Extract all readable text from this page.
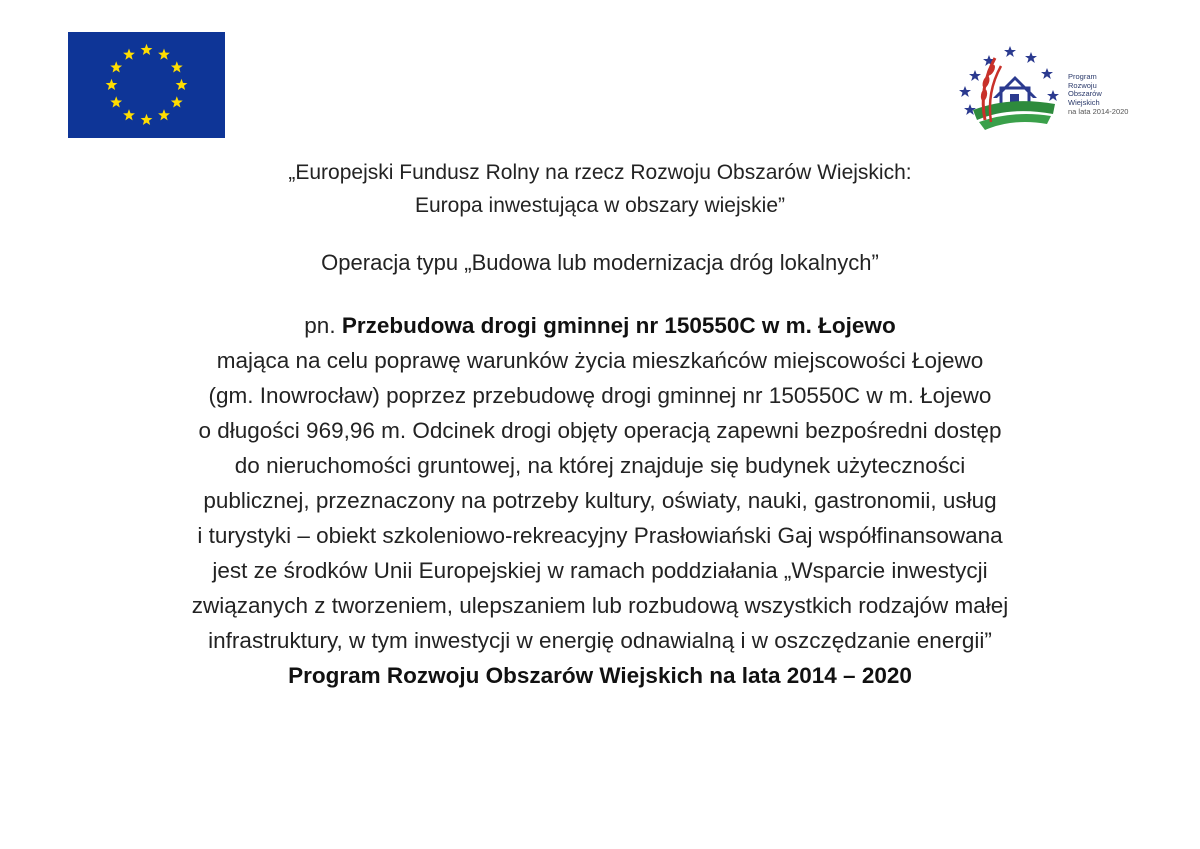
Program
Rozwoju
Obszarów
Wiejskich
na lata 2014-2020
„Europejski Fundusz Rolny na rzecz Rozwoju Obszarów Wiejskich:
Europa inwestująca w obszary wiejskie”
Operacja typu „Budowa lub modernizacja dróg lokalnych”
pn. Przebudowa drogi gminnej nr 150550C w m. Łojewo
mająca na celu poprawę warunków życia mieszkańców miejscowości Łojewo
(gm. Inowrocław) poprzez przebudowę drogi gminnej nr 150550C w m. Łojewo
o długości 969,96 m. Odcinek drogi objęty operacją zapewni bezpośredni dostęp
do nieruchomości gruntowej, na której znajduje się budynek użyteczności
publicznej, przeznaczony na potrzeby kultury, oświaty, nauki, gastronomii, usług
i turystyki – obiekt szkoleniowo-rekreacyjny Prasłowiański Gaj współfinansowana
jest ze środków Unii Europejskiej w ramach poddziałania „Wsparcie inwestycji
związanych z tworzeniem, ulepszaniem lub rozbudową wszystkich rodzajów małej
infrastruktury, w tym inwestycji w energię odnawialną i w oszczędzanie energii”
Program Rozwoju Obszarów Wiejskich na lata 2014 – 2020
